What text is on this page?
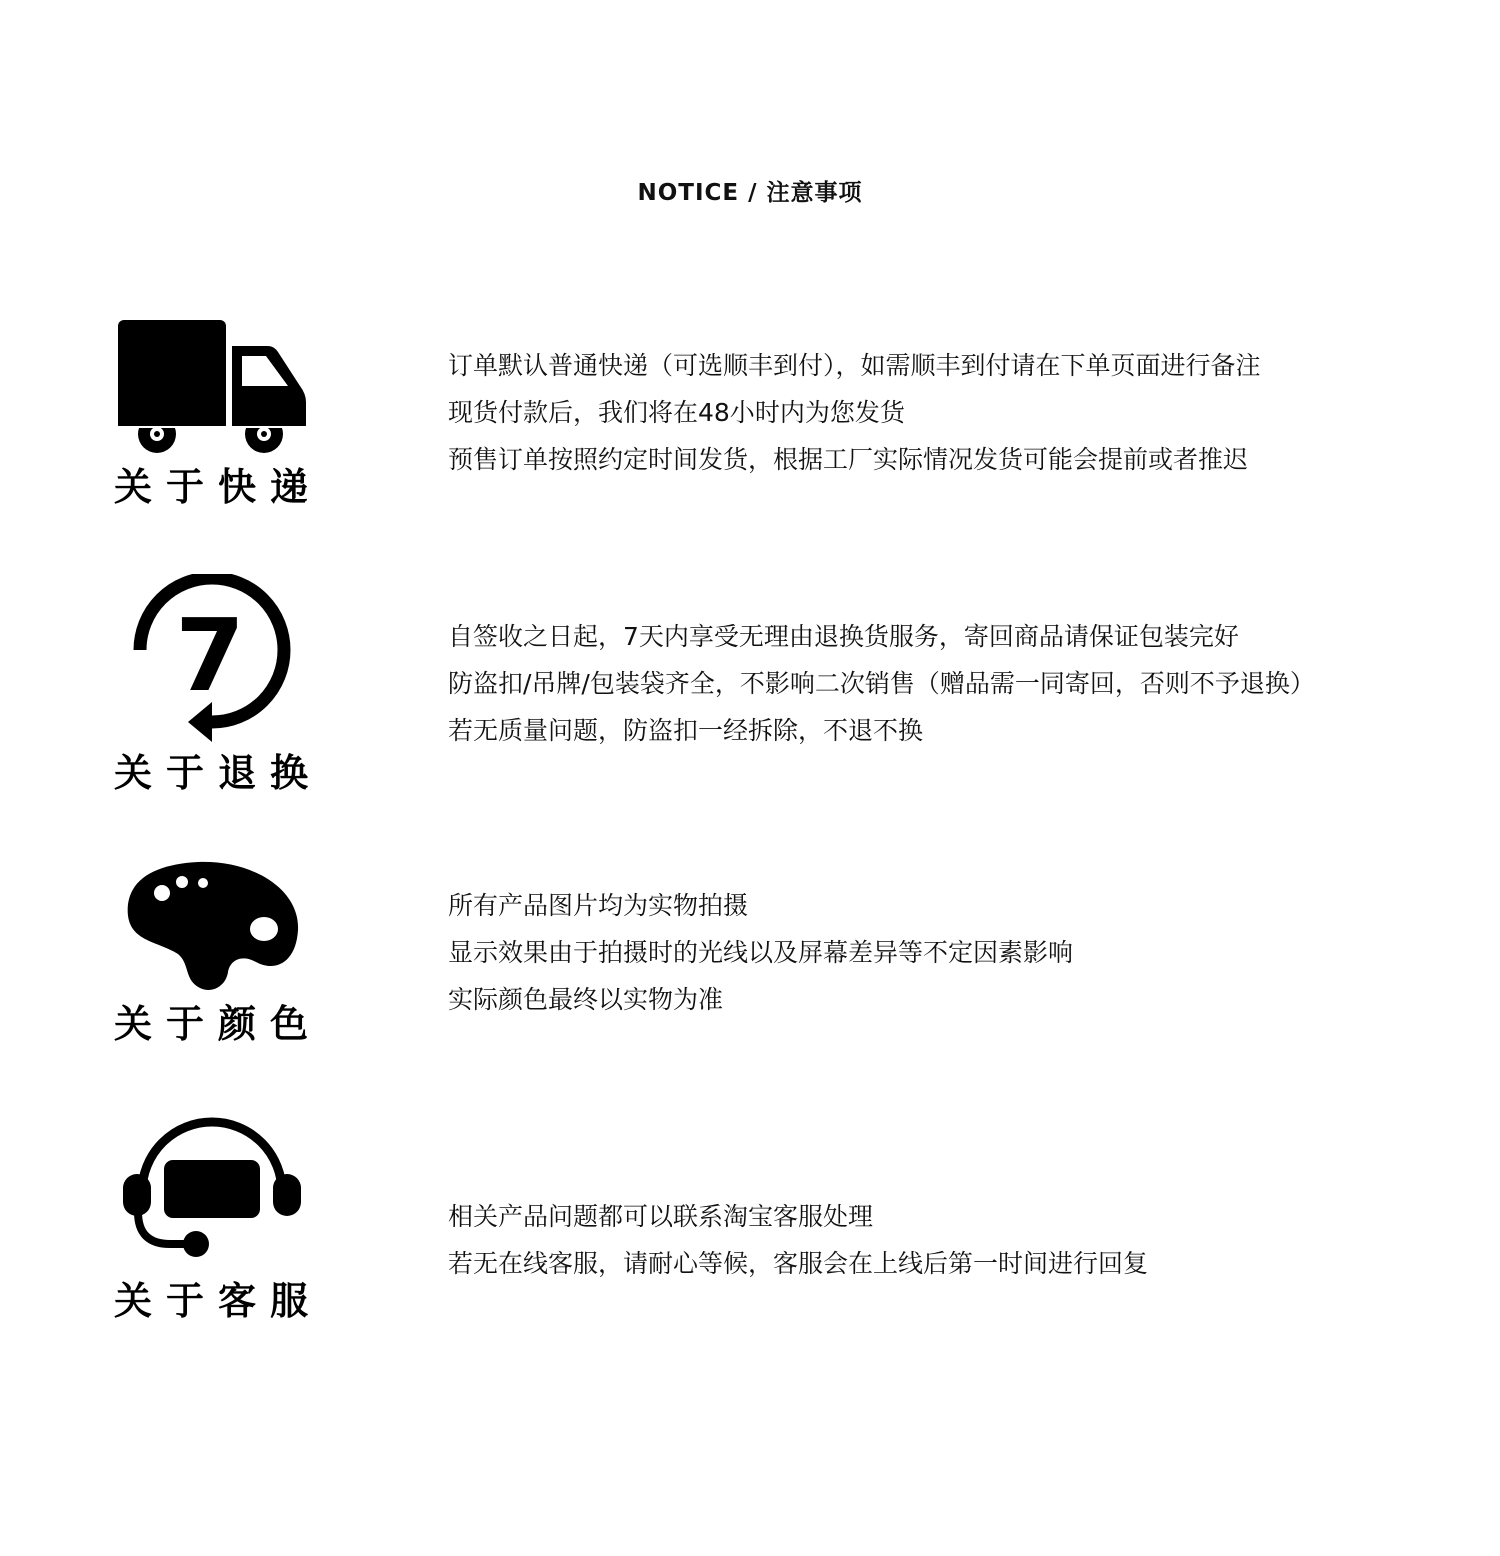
NOTICE / 注意事项
关于快递
订单默认普通快递（可选顺丰到付），如需顺丰到付请在下单页面进行备注
现货付款后，我们将在48小时内为您发货
预售订单按照约定时间发货，根据工厂实际情况发货可能会提前或者推迟
7
关于退换
自签收之日起，7天内享受无理由退换货服务，寄回商品请保证包装完好
防盗扣/吊牌/包装袋齐全，不影响二次销售（赠品需一同寄回，否则不予退换）
若无质量问题，防盗扣一经拆除，不退不换
关于颜色
所有产品图片均为实物拍摄
显示效果由于拍摄时的光线以及屏幕差异等不定因素影响
实际颜色最终以实物为准
关于客服
相关产品问题都可以联系淘宝客服处理
若无在线客服，请耐心等候，客服会在上线后第一时间进行回复
